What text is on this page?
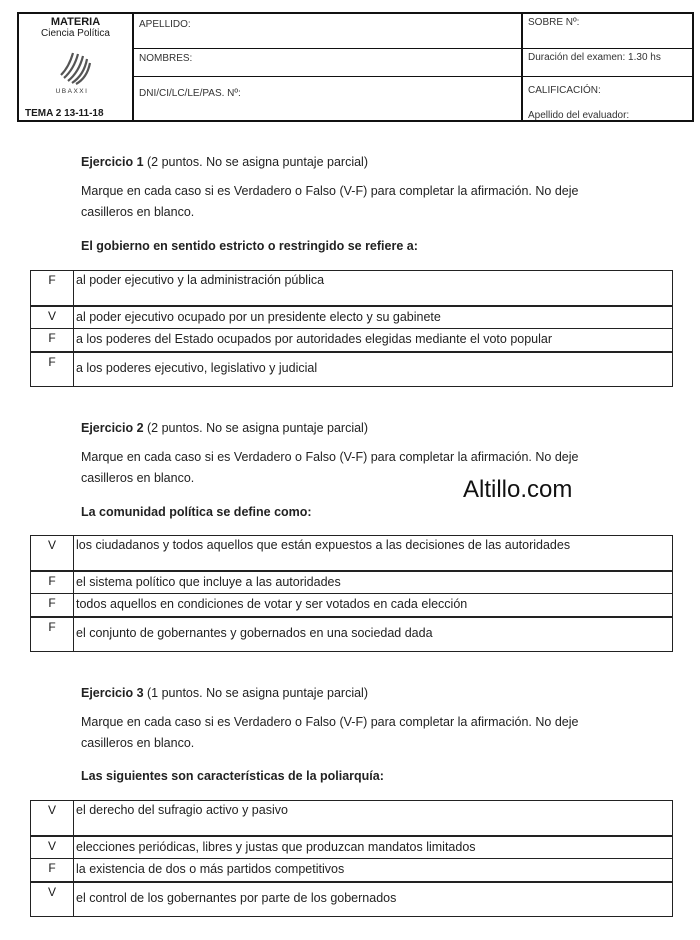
MATERIA
Ciencia Política
UBAXXI
TEMA 2 13-11-18
APELLIDO:
NOMBRES:
DNI/CI/LC/LE/PAS. Nº:
SOBRE Nº:
Duración del examen: 1.30 hs
CALIFICACIÓN:
Apellido del evaluador:
Altillo.com
Ejercicio 1 (2 puntos. No se asigna puntaje parcial)
Marque en cada caso si es Verdadero o Falso (V-F) para completar la afirmación. No deje
casilleros en blanco.
El gobierno en sentido estricto o restringido se refiere a:
F	al poder ejecutivo y la administración pública
V	al poder ejecutivo ocupado por un presidente electo y su gabinete
F	a los poderes del Estado ocupados por autoridades elegidas mediante el voto popular
F	a los poderes ejecutivo, legislativo y judicial
Ejercicio 2 (2 puntos. No se asigna puntaje parcial)
Marque en cada caso si es Verdadero o Falso (V-F) para completar la afirmación. No deje
casilleros en blanco.
La comunidad política se define como:
V	los ciudadanos y todos aquellos que están expuestos a las decisiones de las autoridades
F	el sistema político que incluye a las autoridades
F	todos aquellos en condiciones de votar y ser votados en cada elección
F	el conjunto de gobernantes y gobernados en una sociedad dada
Ejercicio 3 (1 puntos. No se asigna puntaje parcial)
Marque en cada caso si es Verdadero o Falso (V-F) para completar la afirmación. No deje
casilleros en blanco.
Las siguientes son características de la poliarquía:
V	el derecho del sufragio activo y pasivo
V	elecciones periódicas, libres y justas que produzcan mandatos limitados
F	la existencia de dos o más partidos competitivos
V	el control de los gobernantes por parte de los gobernados
